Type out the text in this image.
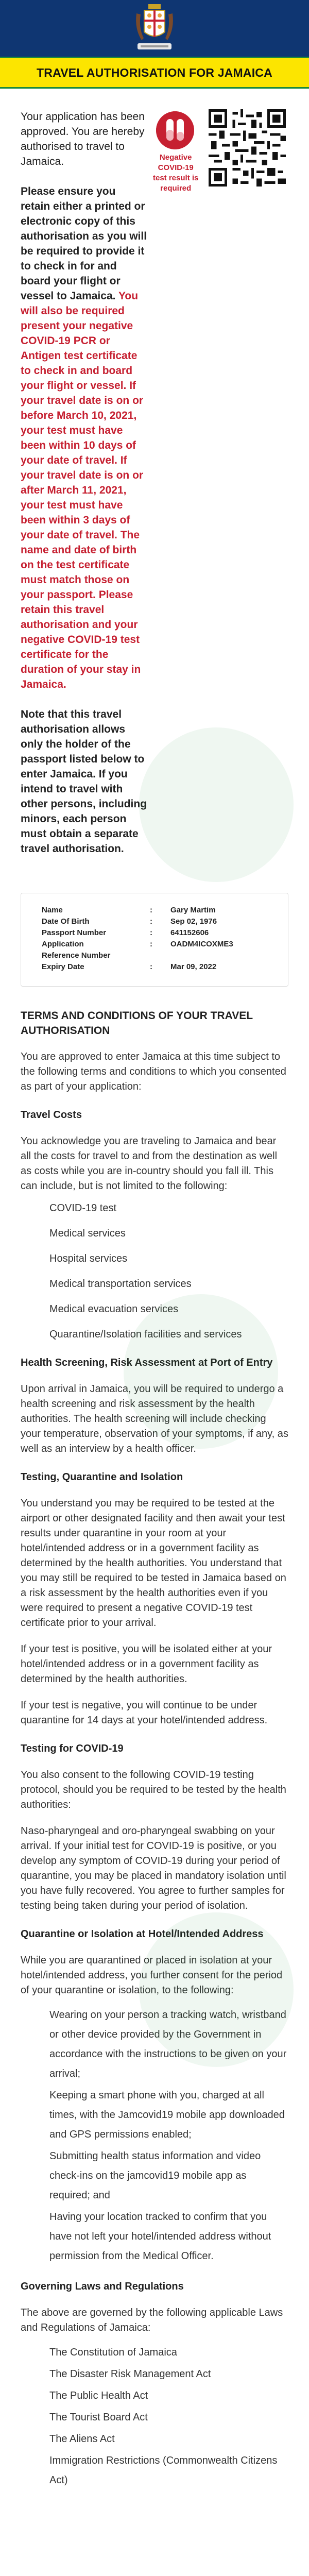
TRAVEL AUTHORISATION FOR JAMAICA

Your application has been approved. You are hereby authorised to travel to Jamaica.

Please ensure you retain either a printed or electronic copy of this authorisation as you will be required to provide it to check in for and board your flight or vessel to Jamaica. You will also be required present your negative COVID-19 PCR or Antigen test certificate to check in and board your flight or vessel. If your travel date is on or before March 10, 2021, your test must have been within 10 days of your date of travel. If your travel date is on or after March 11, 2021, your test must have been within 3 days of your date of travel. The name and date of birth on the test certificate must match those on your passport. Please retain this travel authorisation and your negative COVID-19 test certificate for the duration of your stay in Jamaica.

Note that this travel authorisation allows only the holder of the passport listed below to enter Jamaica. If you intend to travel with other persons, including minors, each person must obtain a separate travel authorisation.

Negative COVID-19 test result is required
Name	:	Gary Martim
Date Of Birth	:	Sep 02, 1976
Passport Number	:	641152606
Application	:	OADM4ICOXME3
Reference Number
Expiry Date	:	Mar 09, 2022
TERMS AND CONDITIONS OF YOUR TRAVEL AUTHORISATION

You are approved to enter Jamaica at this time subject to the following terms and conditions to which you consented as part of your application:

Travel Costs

You acknowledge you are traveling to Jamaica and bear all the costs for travel to and from the destination as well as costs while you are in-country should you fall ill. This can include, but is not limited to the following:

COVID-19 test
Medical services
Hospital services
Medical transportation services
Medical evacuation services
Quarantine/Isolation facilities and services
Health Screening, Risk Assessment at Port of Entry

Upon arrival in Jamaica, you will be required to undergo a health screening and risk assessment by the health authorities. The health screening will include checking your temperature, observation of your symptoms, if any, as well as an interview by a health officer.

Testing, Quarantine and Isolation

You understand you may be required to be tested at the airport or other designated facility and then await your test results under quarantine in your room at your hotel/intended address or in a government facility as determined by the health authorities. You understand that you may still be required to be tested in Jamaica based on a risk assessment by the health authorities even if you were required to present a negative COVID-19 test certificate prior to your arrival.

If your test is positive, you will be isolated either at your hotel/intended address or in a government facility as determined by the health authorities.

If your test is negative, you will continue to be under quarantine for 14 days at your hotel/intended address.

Testing for COVID-19

You also consent to the following COVID-19 testing protocol, should you be required to be tested by the health authorities:

Naso-pharyngeal and oro-pharyngeal swabbing on your arrival. If your initial test for COVID-19 is positive, or you develop any symptom of COVID-19 during your period of quarantine, you may be placed in mandatory isolation until you have fully recovered. You agree to further samples for testing being taken during your period of isolation.

Quarantine or Isolation at Hotel/Intended Address

While you are quarantined or placed in isolation at your hotel/intended address, you further consent for the period of your quarantine or isolation, to the following:

Wearing on your person a tracking watch, wristband or other device provided by the Government in accordance with the instructions to be given on your arrival;
Keeping a smart phone with you, charged at all times, with the Jamcovid19 mobile app downloaded and GPS permissions enabled;
Submitting health status information and video check-ins on the jamcovid19 mobile app as required; and
Having your location tracked to confirm that you have not left your hotel/intended address without permission from the Medical Officer.
Governing Laws and Regulations

The above are governed by the following applicable Laws and Regulations of Jamaica:

The Constitution of Jamaica
The Disaster Risk Management Act
The Public Health Act
The Tourist Board Act
The Aliens Act
Immigration Restrictions (Commonwealth Citizens Act)
